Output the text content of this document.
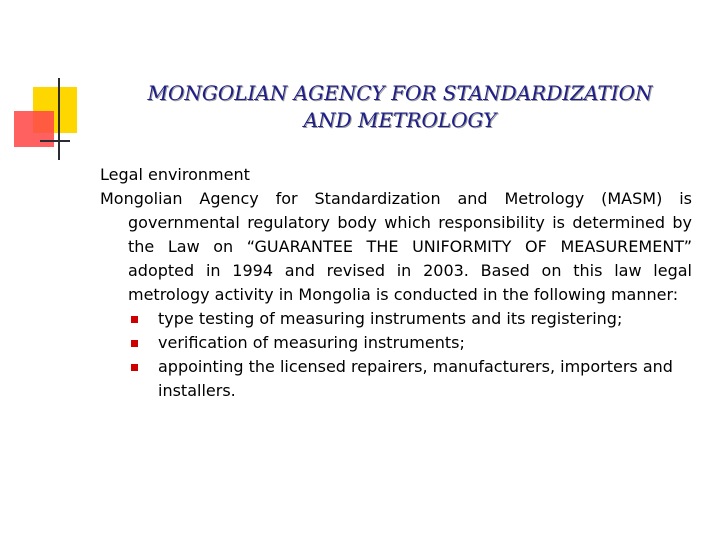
MONGOLIAN AGENCY FOR STANDARDIZATION
AND METROLOGY
Legal environment

Mongolian Agency for Standardization and Metrology (MASM) is governmental regulatory body which responsibility is determined by the Law on “GUARANTEE THE UNIFORMITY OF MEASUREMENT” adopted in 1994 and revised in 2003. Based on this law legal metrology activity in Mongolia is conducted in the following manner:

type testing of measuring instruments and its registering;
verification of measuring instruments;
appointing the licensed repairers, manufacturers, importers and installers.
